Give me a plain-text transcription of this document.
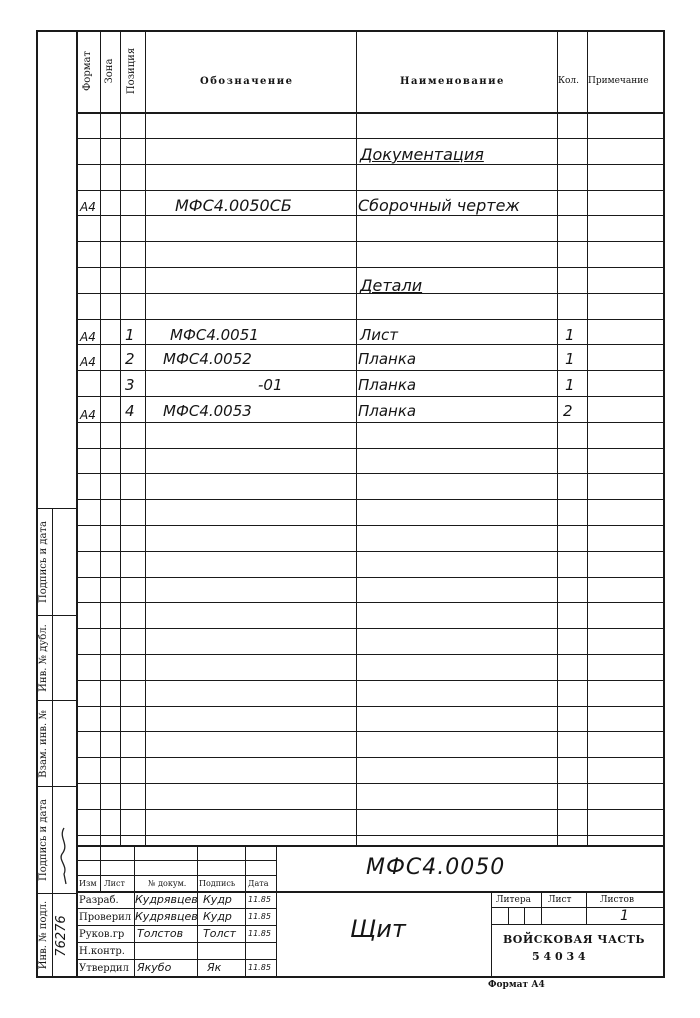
Формат Зона Позиция	Обозначение	Наименование	Кол. Примечание
Документация
А4	МФС4.0050СБ	Сборочный чертеж
Детали
А4 1 МФС4.0051	Лист	1
А4 2 МФС4.0052	Планка	1
3	-01	Планка	1
А4 4 МФС4.0053	Планка	2
Подпись и дата
Инв. № дубл.
Взам. инв. №
Подпись и дата
Инв. № подл. 76276
Изм Лист	№ докум. Подпись Дата
Разраб. Кудрявцев Кудр 11.85
Проверил Кудрявцев Кудр 11.85
Руков.гр Толстов Толст 11.85
Н.контр.
Утвердил Якубо	Як	11.85
МФС4.0050
Щит
Литера Лист	Листов
1
ВОЙСКОВАЯ ЧАСТЬ
5 4 0 3 4
Формат А4
